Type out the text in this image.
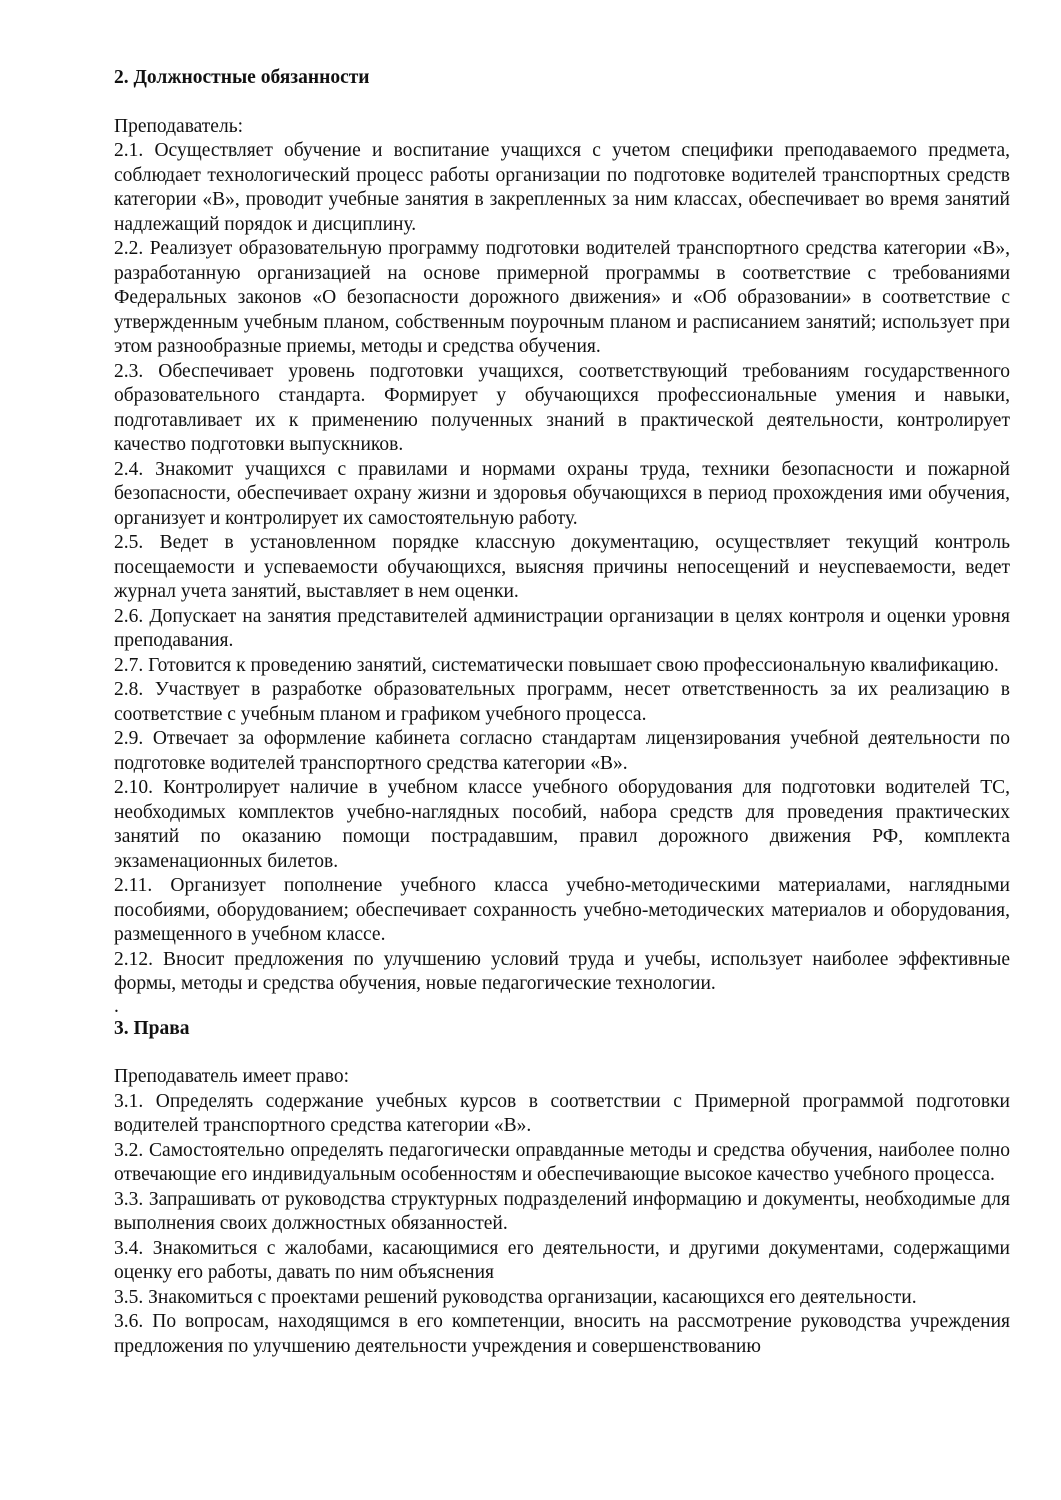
2. Должностные обязанности

Преподаватель:

2.1. Осуществляет обучение и воспитание учащихся с учетом специфики преподаваемого предмета, соблюдает технологический процесс работы организации по подготовке водителей транспортных средств категории «В», проводит учебные занятия в закрепленных за ним классах, обеспечивает во время занятий надлежащий порядок и дисциплину.

2.2. Реализует образовательную программу подготовки водителей транспортного средства категории «В», разработанную организацией на основе примерной программы в соответствие с требованиями Федеральных законов «О безопасности дорожного движения» и «Об образовании» в соответствие с утвержденным учебным планом, собственным поурочным планом и расписанием занятий; использует при этом разнообразные приемы, методы и средства обучения.

2.3. Обеспечивает уровень подготовки учащихся, соответствующий требованиям государственного образовательного стандарта. Формирует у обучающихся профессиональные умения и навыки, подготавливает их к применению полученных знаний в практической деятельности, контролирует качество подготовки выпускников.

2.4. Знакомит учащихся с правилами и нормами охраны труда, техники безопасности и пожарной безопасности, обеспечивает охрану жизни и здоровья обучающихся в период прохождения ими обучения, организует и контролирует их самостоятельную работу.

2.5. Ведет в установленном порядке классную документацию, осуществляет текущий контроль посещаемости и успеваемости обучающихся, выясняя причины непосещений и неуспеваемости, ведет журнал учета занятий, выставляет в нем оценки.

2.6. Допускает на занятия представителей администрации организации в целях контроля и оценки уровня преподавания.

2.7. Готовится к проведению занятий, систематически повышает свою профессиональную квалификацию.

2.8. Участвует в разработке образовательных программ, несет ответственность за их реализацию в соответствие с учебным планом и графиком учебного процесса.

2.9. Отвечает за оформление кабинета согласно стандартам лицензирования учебной деятельности по подготовке водителей транспортного средства категории «В».

2.10. Контролирует наличие в учебном классе учебного оборудования для подготовки водителей ТС, необходимых комплектов учебно-наглядных пособий, набора средств для проведения практических занятий по оказанию помощи пострадавшим, правил дорожного движения РФ, комплекта экзаменационных билетов.

2.11. Организует пополнение учебного класса учебно-методическими материалами, наглядными пособиями, оборудованием; обеспечивает сохранность учебно-методических материалов и оборудования, размещенного в учебном классе.

2.12. Вносит предложения по улучшению условий труда и учебы, использует наиболее эффективные формы, методы и средства обучения, новые педагогические технологии.

.

3. Права

Преподаватель имеет право:

3.1. Определять содержание учебных курсов в соответствии с Примерной программой подготовки водителей транспортного средства категории «В».

3.2. Самостоятельно определять педагогически оправданные методы и средства обучения, наиболее полно отвечающие его индивидуальным особенностям и обеспечивающие высокое качество учебного процесса.

3.3. Запрашивать от руководства структурных подразделений информацию и документы, необходимые для выполнения своих должностных обязанностей.

3.4. Знакомиться с жалобами, касающимися его деятельности, и другими документами, содержащими оценку его работы, давать по ним объяснения

3.5. Знакомиться с проектами решений руководства организации, касающихся его деятельности.

3.6. По вопросам, находящимся в его компетенции, вносить на рассмотрение руководства учреждения предложения по улучшению деятельности учреждения и совершенствованию
